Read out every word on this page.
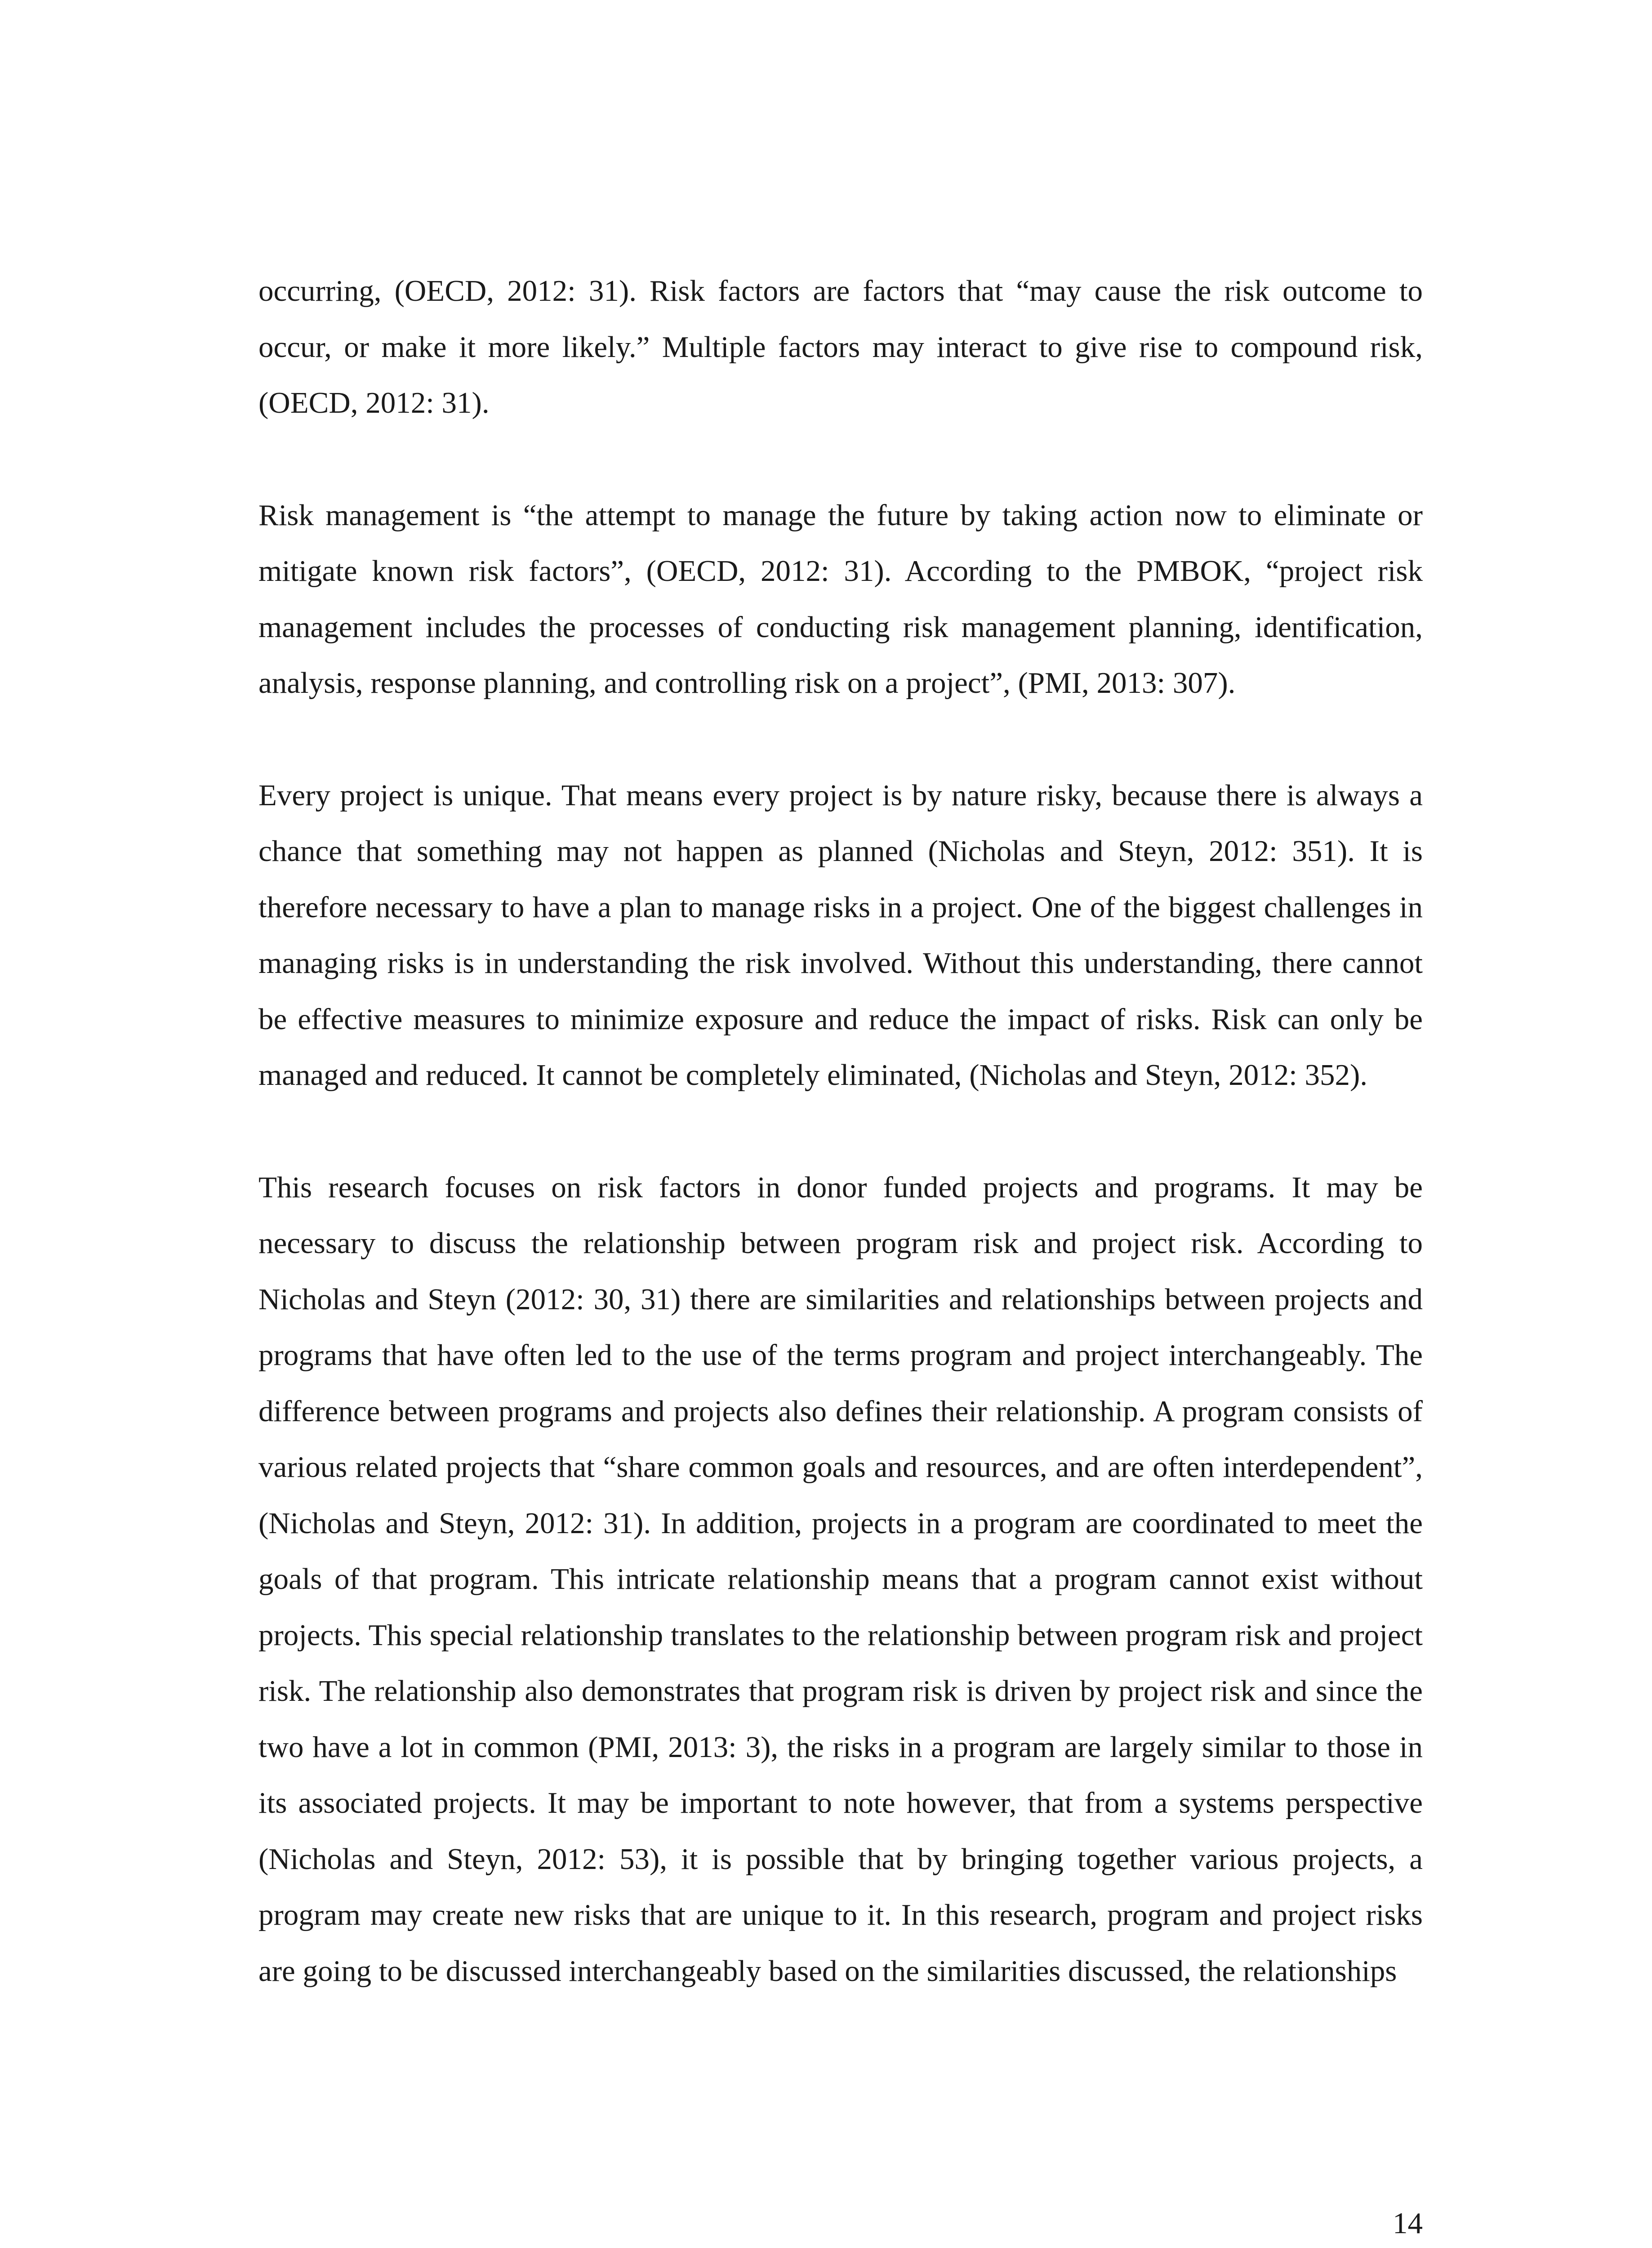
occurring, (OECD, 2012: 31). Risk factors are factors that “may cause the risk outcome to occur, or make it more likely.” Multiple factors may interact to give rise to compound risk, (OECD, 2012: 31).

Risk management is “the attempt to manage the future by taking action now to eliminate or mitigate known risk factors”, (OECD, 2012: 31). According to the PMBOK, “project risk management includes the processes of conducting risk management planning, identification, analysis, response planning, and controlling risk on a project”, (PMI, 2013: 307).

Every project is unique. That means every project is by nature risky, because there is always a chance that something may not happen as planned (Nicholas and Steyn, 2012: 351). It is therefore necessary to have a plan to manage risks in a project. One of the biggest challenges in managing risks is in understanding the risk involved. Without this understanding, there cannot be effective measures to minimize exposure and reduce the impact of risks. Risk can only be managed and reduced. It cannot be completely eliminated, (Nicholas and Steyn, 2012: 352).

This research focuses on risk factors in donor funded projects and programs. It may be necessary to discuss the relationship between program risk and project risk. According to Nicholas and Steyn (2012: 30, 31) there are similarities and relationships between projects and programs that have often led to the use of the terms program and project interchangeably. The difference between programs and projects also defines their relationship. A program consists of various related projects that “share common goals and resources, and are often interdependent”, (Nicholas and Steyn, 2012: 31). In addition, projects in a program are coordinated to meet the goals of that program. This intricate relationship means that a program cannot exist without projects. This special relationship translates to the relationship between program risk and project risk. The relationship also demonstrates that program risk is driven by project risk and since the two have a lot in common (PMI, 2013: 3), the risks in a program are largely similar to those in its associated projects. It may be important to note however, that from a systems perspective (Nicholas and Steyn, 2012: 53), it is possible that by bringing together various projects, a program may create new risks that are unique to it. In this research, program and project risks are going to be discussed interchangeably based on the similarities discussed, the relationships

14
